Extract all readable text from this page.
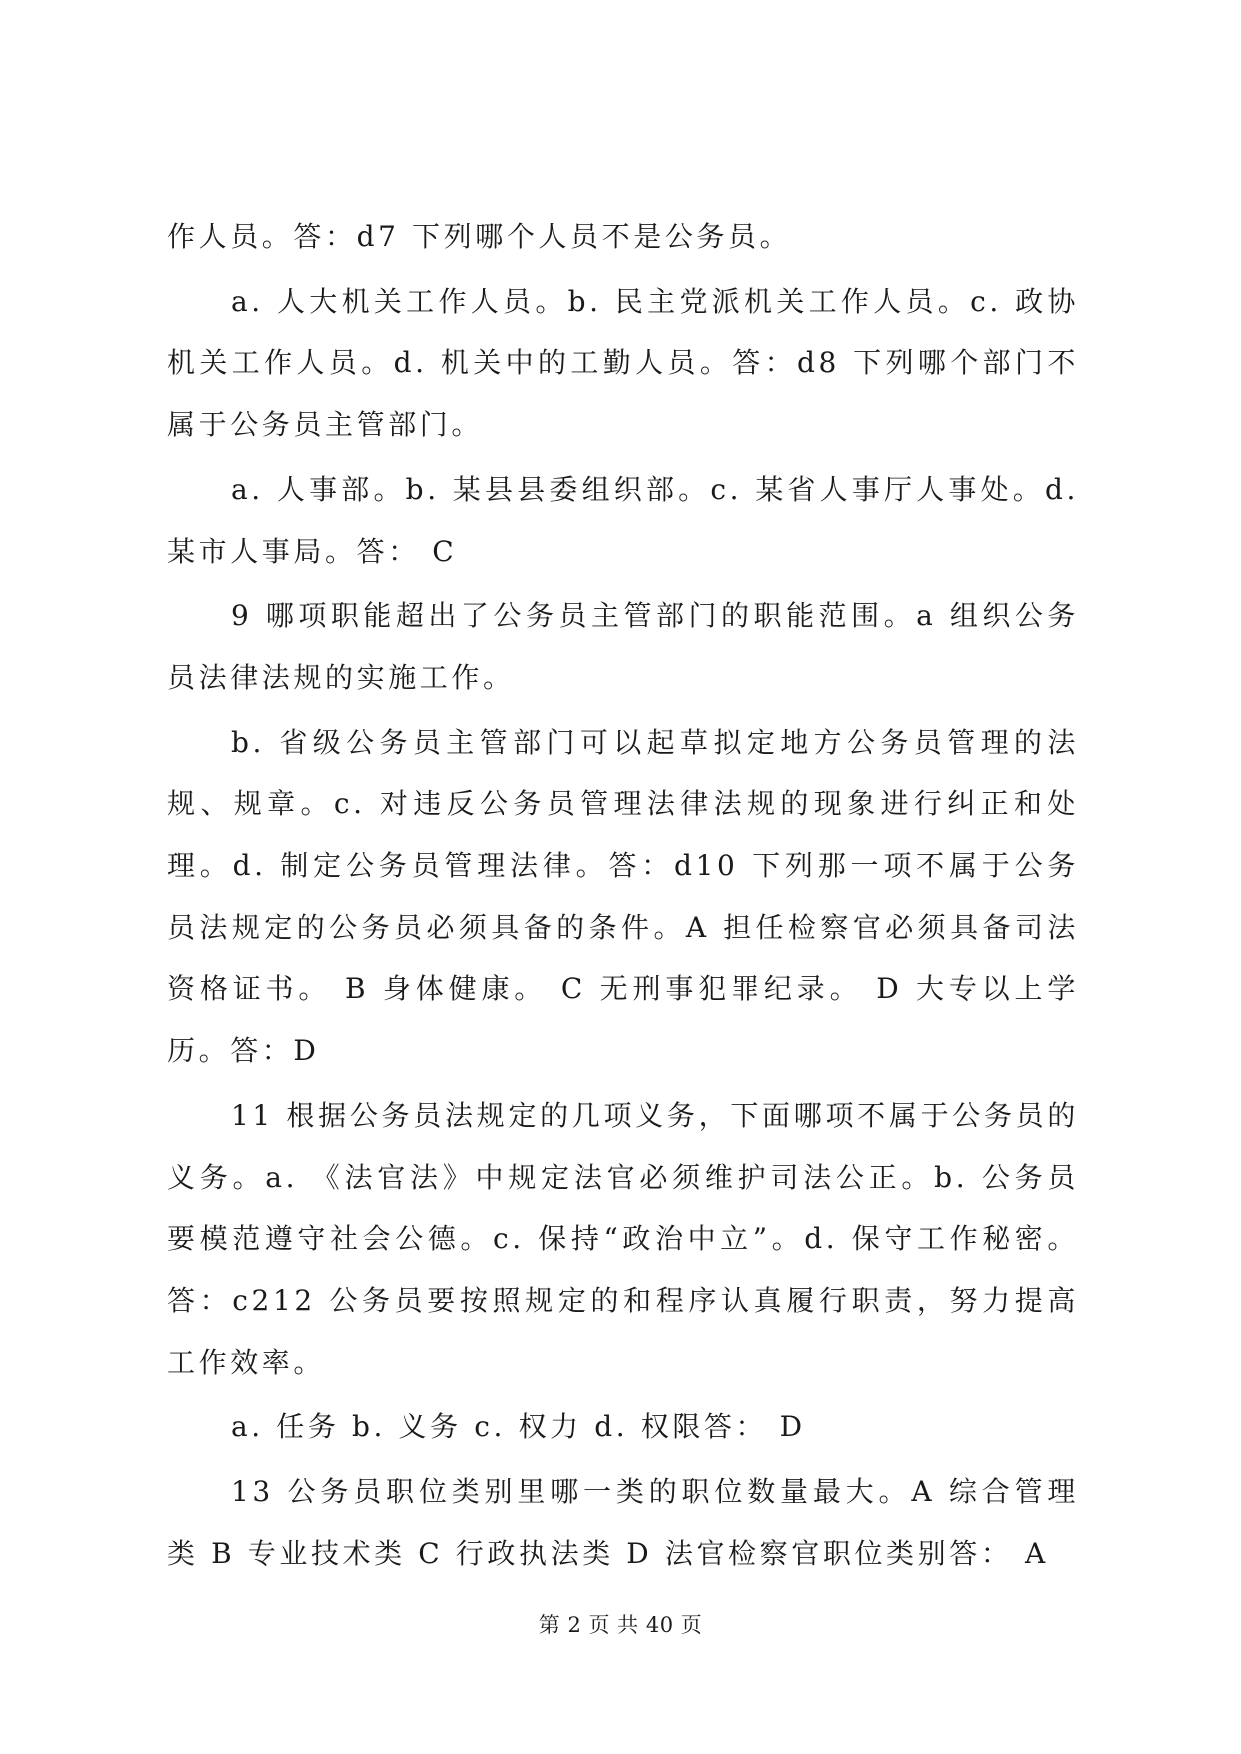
作人员。答：d7 下列哪个人员不是公务员。

a. 人大机关工作人员。b. 民主党派机关工作人员。c. 政协机关工作人员。d. 机关中的工勤人员。答：d8 下列哪个部门不属于公务员主管部门。

a. 人事部。b. 某县县委组织部。c. 某省人事厅人事处。d. 某市人事局。答： C

9 哪项职能超出了公务员主管部门的职能范围。a 组织公务员法律法规的实施工作。

b. 省级公务员主管部门可以起草拟定地方公务员管理的法规、规章。c. 对违反公务员管理法律法规的现象进行纠正和处理。d. 制定公务员管理法律。答：d10 下列那一项不属于公务员法规定的公务员必须具备的条件。A 担任检察官必须具备司法资格证书。 B 身体健康。 C 无刑事犯罪纪录。 D 大专以上学历。答：D

11 根据公务员法规定的几项义务，下面哪项不属于公务员的义务。a. 《法官法》中规定法官必须维护司法公正。b. 公务员要模范遵守社会公德。c. 保持“政治中立”。d. 保守工作秘密。答：c212 公务员要按照规定的和程序认真履行职责，努力提高工作效率。

a. 任务 b. 义务 c. 权力 d. 权限答： D

13 公务员职位类别里哪一类的职位数量最大。A 综合管理类 B 专业技术类 C 行政执法类 D 法官检察官职位类别答： A

第 2 页 共 40 页
